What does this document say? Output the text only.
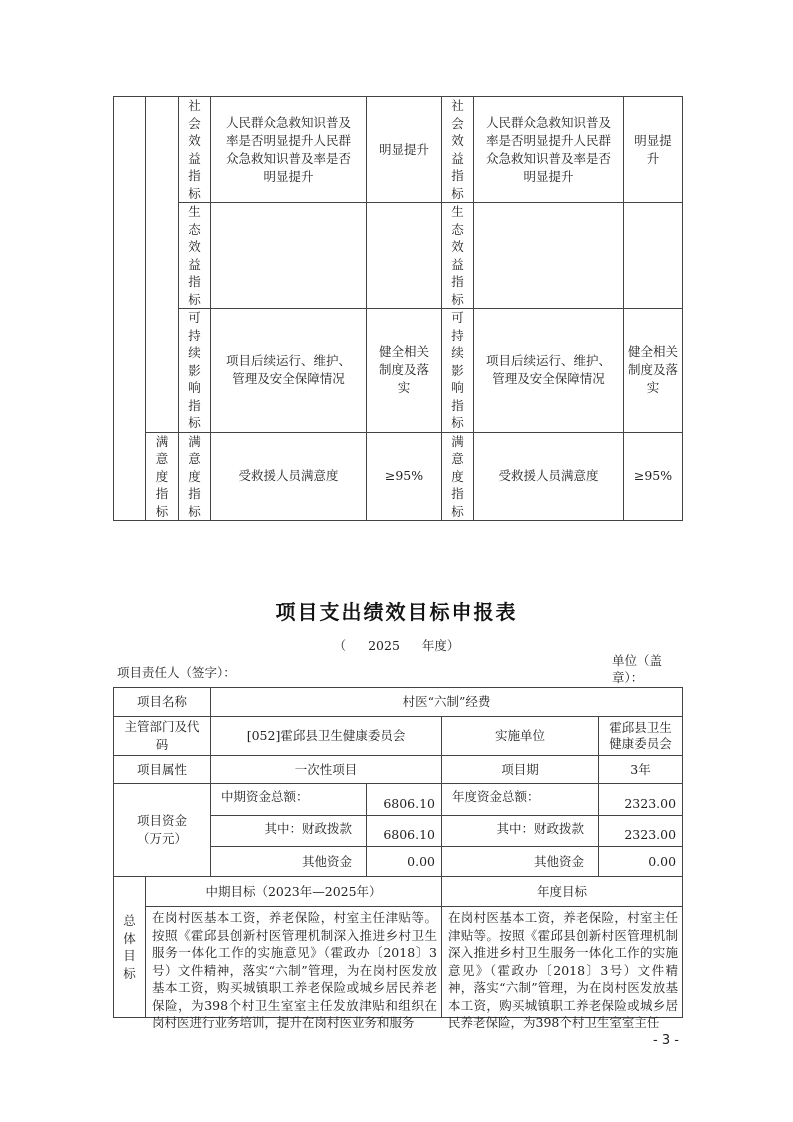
		社会效益指标	人民群众急救知识普及率是否明显提升人民群众急救知识普及率是否明显提升	明显提升	社会效益指标	人民群众急救知识普及率是否明显提升人民群众急救知识普及率是否明显提升	明显提升

		生态效益指标			生态效益指标		

		可持续影响指标	项目后续运行、维护、管理及安全保障情况	健全相关制度及落实	可持续影响指标	项目后续运行、维护、管理及安全保障情况	健全相关制度及落实

	满意度指标	满意度指标	受救援人员满意度	≥95%	满意度指标	受救援人员满意度	≥95%
项目支出绩效目标申报表
（ 2025 年度）
项目责任人（签字）：
单位（盖章）：
项目名称		村医“六制”经费			
主管部门及代码		[052]霍邱县卫生健康委员会		实施单位	霍邱县卫生健康委员会
项目属性		一次性项目		项目期	3年

项目资金
（万元）		中期资金总额：	6806.10	年度资金总额：	2323.00
		其中：财政拨款	6806.10	其中：财政拨款	2323.00
		其他资金	0.00	其他资金	0.00

总体目标	中期目标（2023年—2025年）			年度目标	

	在岗村医基本工资，养老保险，村室主任津贴等。按照《霍邱县创新村医管理机制深入推进乡村卫生服务一体化工作的实施意见》（霍政办〔2018〕3号）文件精神，落实“六制”管理，为在岗村医发放基本工资，购买城镇职工养老保险或城乡居民养老保险，为398个村卫生室室主任发放津贴和组织在岗村医进行业务培训，提升在岗村医业务和服务			在岗村医基本工资，养老保险，村室主任津贴等。按照《霍邱县创新村医管理机制深入推进乡村卫生服务一体化工作的实施意见》（霍政办〔2018〕3号）文件精神，落实“六制”管理，为在岗村医发放基本工资，购买城镇职工养老保险或城乡居民养老保险，为398个村卫生室室主任	
- 3 -
